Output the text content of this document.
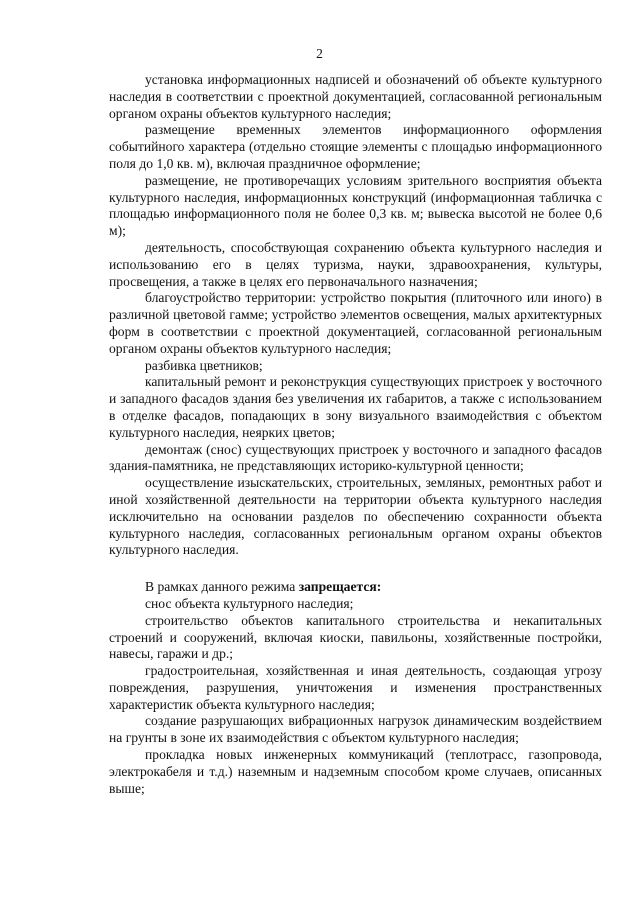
2

установка информационных надписей и обозначений об объекте культурного наследия в соответствии с проектной документацией, согласованной региональным органом охраны объектов культурного наследия;

размещение временных элементов информационного оформления событийного характера (отдельно стоящие элементы с площадью информационного поля до 1,0 кв. м), включая праздничное оформление;

размещение, не противоречащих условиям зрительного восприятия объекта культурного наследия, информационных конструкций (информационная табличка с площадью информационного поля не более 0,3 кв. м; вывеска высотой не более 0,6 м);

деятельность, способствующая сохранению объекта культурного наследия и использованию его в целях туризма, науки, здравоохранения, культуры, просвещения, а также в целях его первоначального назначения;

благоустройство территории: устройство покрытия (плиточного или иного) в различной цветовой гамме; устройство элементов освещения, малых архитектурных форм в соответствии с проектной документацией, согласованной региональным органом охраны объектов культурного наследия;

разбивка цветников;

капитальный ремонт и реконструкция существующих пристроек у восточного и западного фасадов здания без увеличения их габаритов, а также с использованием в отделке фасадов, попадающих в зону визуального взаимодействия с объектом культурного наследия, неярких цветов;

демонтаж (снос) существующих пристроек у восточного и западного фасадов здания-памятника, не представляющих историко-культурной ценности;

осуществление изыскательских, строительных, земляных, ремонтных работ и иной хозяйственной деятельности на территории объекта культурного наследия исключительно на основании разделов по обеспечению сохранности объекта культурного наследия, согласованных региональным органом охраны объектов культурного наследия.

В рамках данного режима запрещается:

снос объекта культурного наследия;

строительство объектов капитального строительства и некапитальных строений и сооружений, включая киоски, павильоны, хозяйственные постройки, навесы, гаражи и др.;

градостроительная, хозяйственная и иная деятельность, создающая угрозу повреждения, разрушения, уничтожения и изменения пространственных характеристик объекта культурного наследия;

создание разрушающих вибрационных нагрузок динамическим воздействием на грунты в зоне их взаимодействия с объектом культурного наследия;

прокладка новых инженерных коммуникаций (теплотрасс, газопровода, электрокабеля и т.д.) наземным и надземным способом кроме случаев, описанных выше;
